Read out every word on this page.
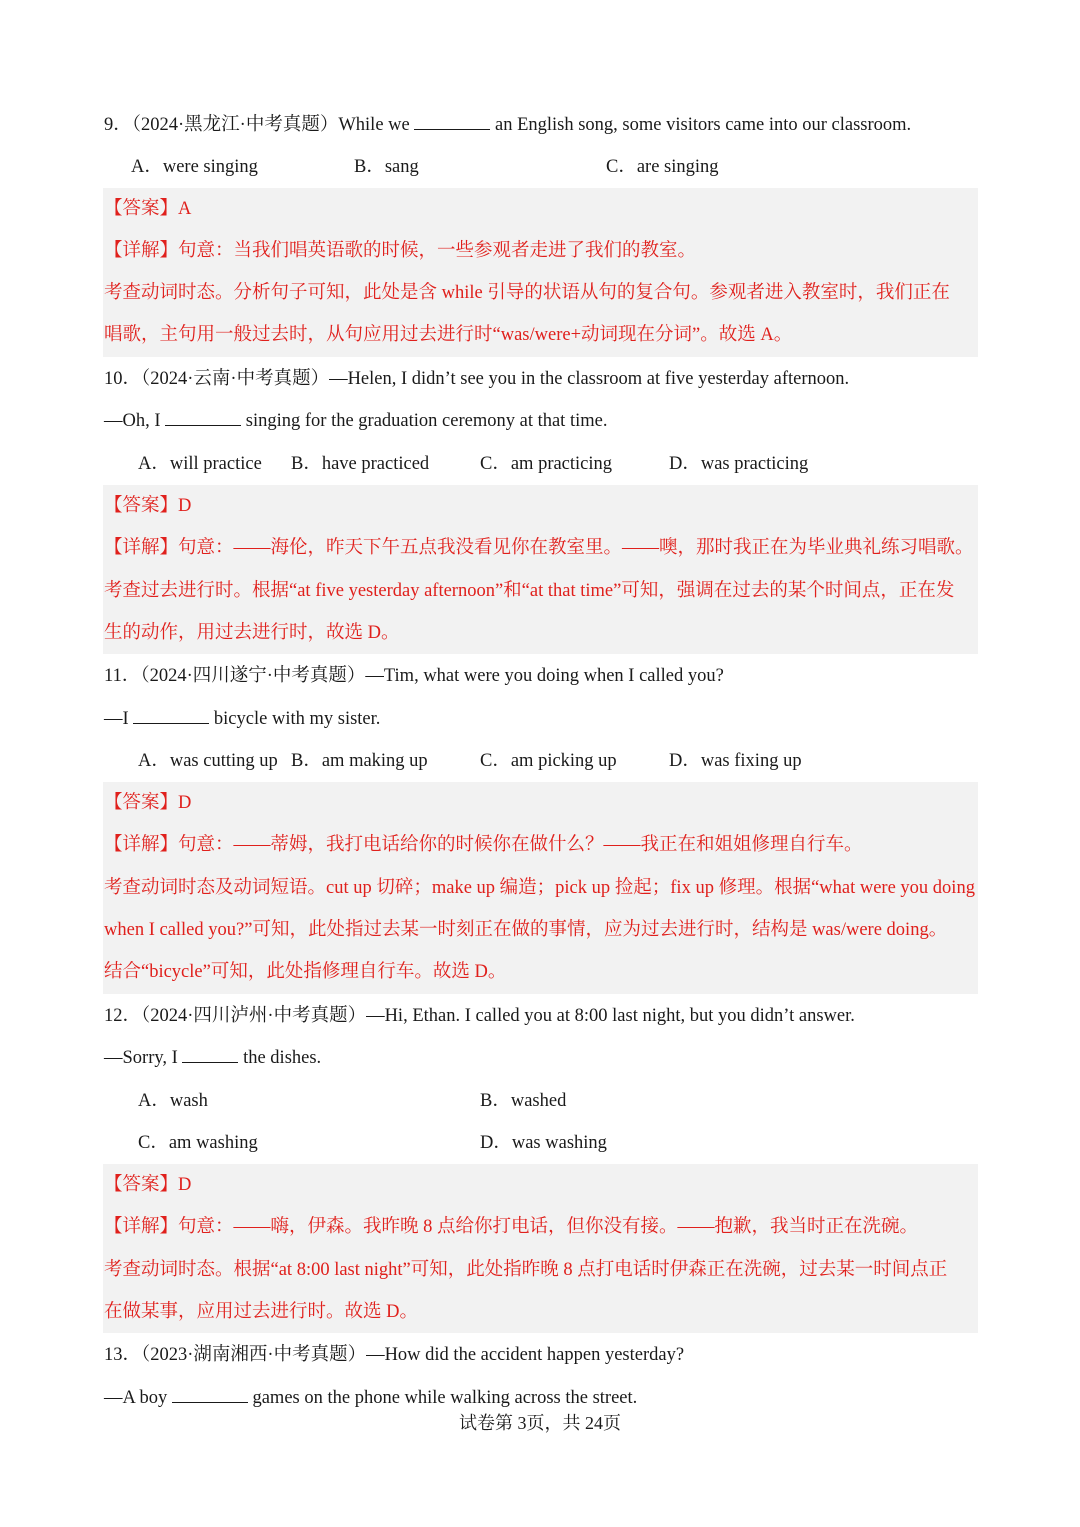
9．（2024·黑龙江·中考真题）While we	an English song, some visitors came into our classroom.
A．were singing	B．sang	C．are singing
【答案】A
【详解】句意：当我们唱英语歌的时候，一些参观者走进了我们的教室。
考查动词时态。分析句子可知，此处是含 while 引导的状语从句的复合句。参观者进入教室时，我们正在
唱歌，主句用一般过去时，从句应用过去进行时“was/were+动词现在分词”。故选 A。
10．（2024·云南·中考真题）—Helen, I didn’t see you in the classroom at five yesterday afternoon.
—Oh, I	singing for the graduation ceremony at that time.
A．will practice B．have practiced	C．am practicing	D．was practicing
【答案】D
【详解】句意：——海伦，昨天下午五点我没看见你在教室里。——噢，那时我正在为毕业典礼练习唱歌。
考查过去进行时。根据“at five yesterday afternoon”和“at that time”可知，强调在过去的某个时间点，正在发
生的动作，用过去进行时，故选 D。
11．（2024·四川遂宁·中考真题）—Tim, what were you doing when I called you?
—I	bicycle with my sister.
A．was cutting up B．am making up	C．am picking up	D．was fixing up
【答案】D
【详解】句意：——蒂姆，我打电话给你的时候你在做什么？——我正在和姐姐修理自行车。
考查动词时态及动词短语。cut up 切碎；make up 编造；pick up 捡起；fix up 修理。根据“what were you doing
when I called you?”可知，此处指过去某一时刻正在做的事情，应为过去进行时，结构是 was/were doing。
结合“bicycle”可知，此处指修理自行车。故选 D。
12．（2024·四川泸州·中考真题）—Hi, Ethan. I called you at 8:00 last night, but you didn’t answer.
—Sorry, I	the dishes.
A．wash	B．washed
C．am washing	D．was washing
【答案】D
【详解】句意：——嗨，伊森。我昨晚 8 点给你打电话，但你没有接。——抱歉，我当时正在洗碗。
考查动词时态。根据“at 8:00 last night”可知，此处指昨晚 8 点打电话时伊森正在洗碗，过去某一时间点正
在做某事，应用过去进行时。故选 D。
13．（2023·湖南湘西·中考真题）—How did the accident happen yesterday?
—A boy	games on the phone while walking across the street.
试卷第 3页，共 24页
